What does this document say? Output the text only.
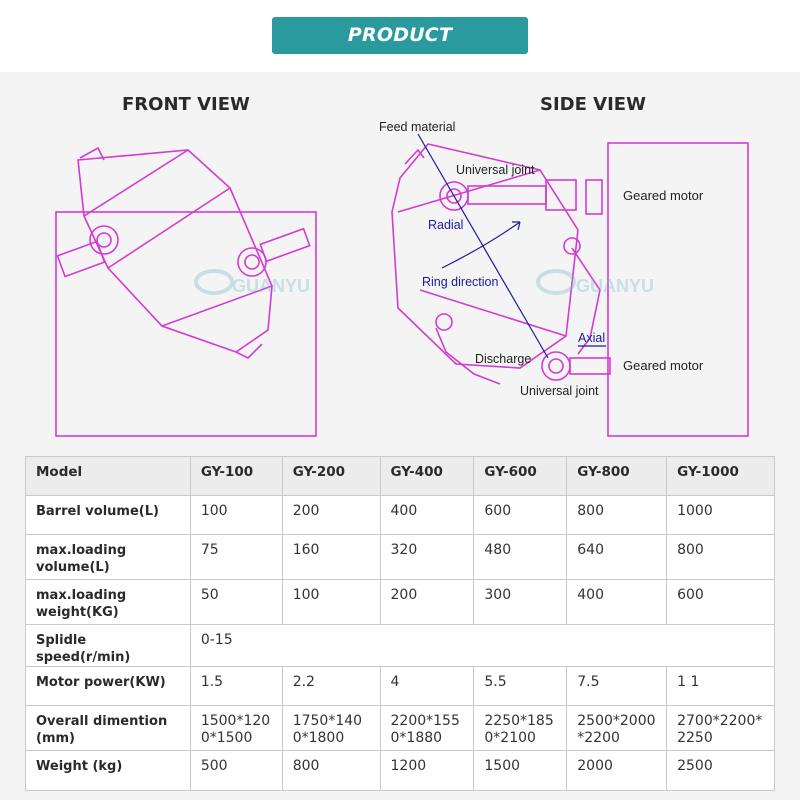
PRODUCT
FRONT VIEW	SIDE VIEW
GUANYU	GUANYU
Feed material
Universal joint
Geared motor
Radial
Ring direction
Axial
Discharge	Geared motor
Universal joint
Model	GY-100	GY-200	GY-400	GY-600	GY-800	GY-1000
Barrel volume(L)	100	200	400	600	800	1000
max.loading volume(L)	75	160	320	480	640	800
max.loading weight(KG)	50	100	200	300	400	600
Splidle speed(r/min)	0-15					
Motor power(KW)	1.5	2.2	4	5.5	7.5	1 1
Overall dimention (mm)	1500*1200*1500	1750*1400*1800	2200*1550*1880	2250*1850*2100	2500*2000*2200	2700*2200*2250
Weight (kg)	500	800	1200	1500	2000	2500
